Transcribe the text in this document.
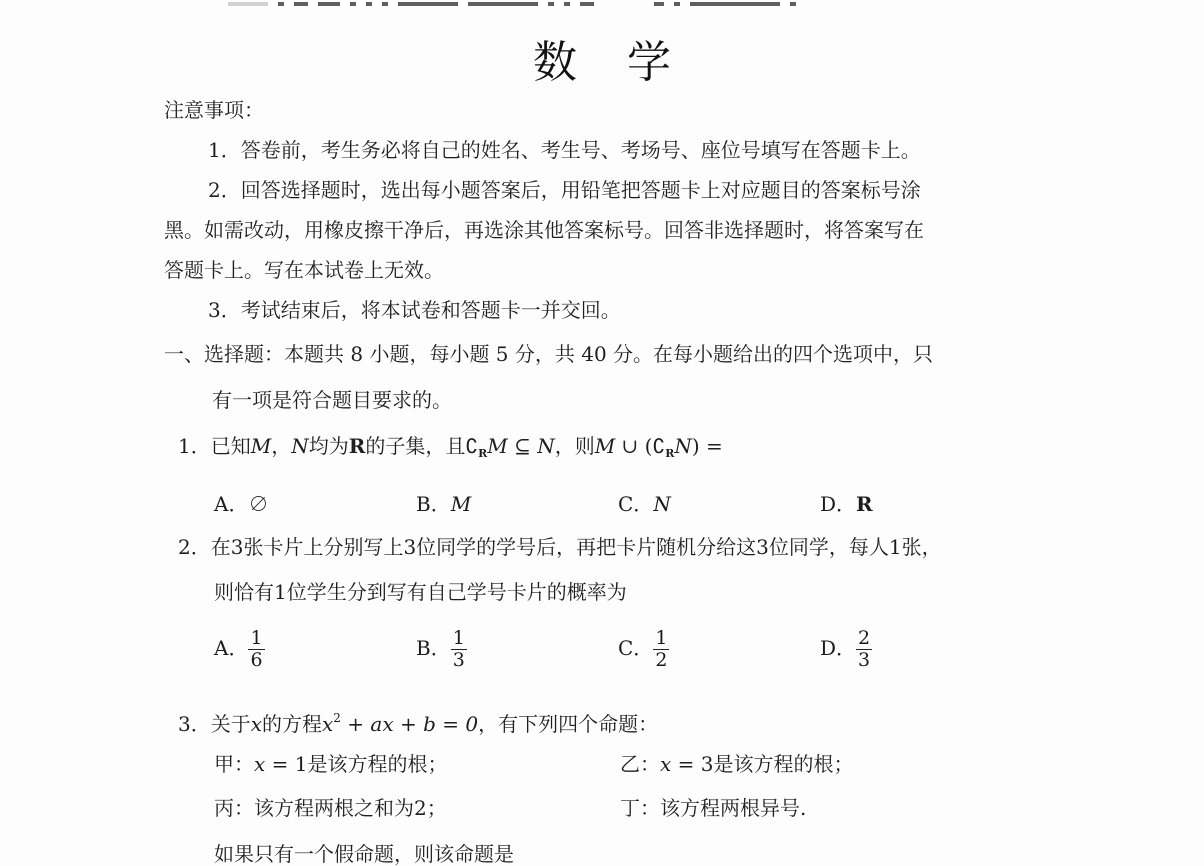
数学
注意事项：
1．答卷前，考生务必将自己的姓名、考生号、考场号、座位号填写在答题卡上。
2．回答选择题时，选出每小题答案后，用铅笔把答题卡上对应题目的答案标号涂
黑。如需改动，用橡皮擦干净后，再选涂其他答案标号。回答非选择题时，将答案写在
答题卡上。写在本试卷上无效。
3．考试结束后，将本试卷和答题卡一并交回。
一、选择题：本题共 8 小题，每小题 5 分，共 40 分。在每小题给出的四个选项中，只
有一项是符合题目要求的。
1．已知M，N均为R的子集，且$∁_RM$ ⊆ N，则M ∪ $(∁_RN)$ =
A．∅	B．M	C．N	D．R
2．在3张卡片上分别写上3位同学的学号后，再把卡片随机分给这3位同学，每人1张，
则恰有1位学生分到写有自己学号卡片的概率为
A． $\frac{1}{6}$	B． $\frac{1}{3}$	C． $\frac{1}{2}$	D． $\frac{2}{3}$
3．关于x的方程$x^2$ + ax + b = 0，有下列四个命题：
甲：x = 1是该方程的根；	乙：x = 3是该方程的根；
丙：该方程两根之和为2；	丁：该方程两根异号.
如果只有一个假命题，则该命题是
